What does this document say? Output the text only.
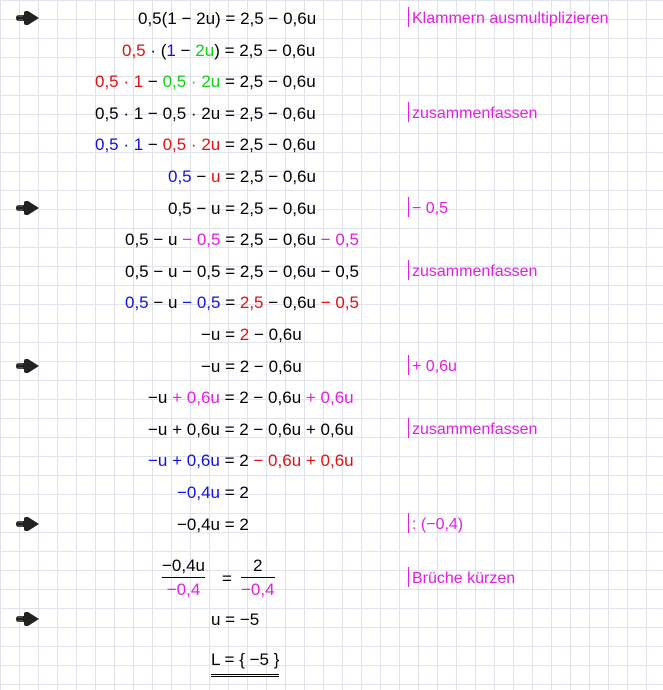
0,5(1 − 2u) = 2,5 − 0,6u	Klammern ausmultiplizieren
0,5 · (1 − 2u) = 2,5 − 0,6u
0,5 · 1 − 0,5 · 2u = 2,5 − 0,6u
0,5 · 1 − 0,5 · 2u = 2,5 − 0,6u	zusammenfassen
0,5 · 1 − 0,5 · 2u = 2,5 − 0,6u
0,5 − u = 2,5 − 0,6u
0,5 − u = 2,5 − 0,6u	− 0,5
0,5 − u − 0,5 = 2,5 − 0,6u − 0,5
0,5 − u − 0,5 = 2,5 − 0,6u − 0,5	zusammenfassen
0,5 − u − 0,5 = 2,5 − 0,6u − 0,5
−u = 2 − 0,6u
−u = 2 − 0,6u	+ 0,6u
−u + 0,6u = 2 − 0,6u + 0,6u
−u + 0,6u = 2 − 0,6u + 0,6u	zusammenfassen
−u + 0,6u = 2 − 0,6u + 0,6u
−0,4u = 2
−0,4u = 2	: (−0,4)
−0,4u
−0,4
=
2
−0,4
Brüche kürzen
u = −5
L = { −5 }
